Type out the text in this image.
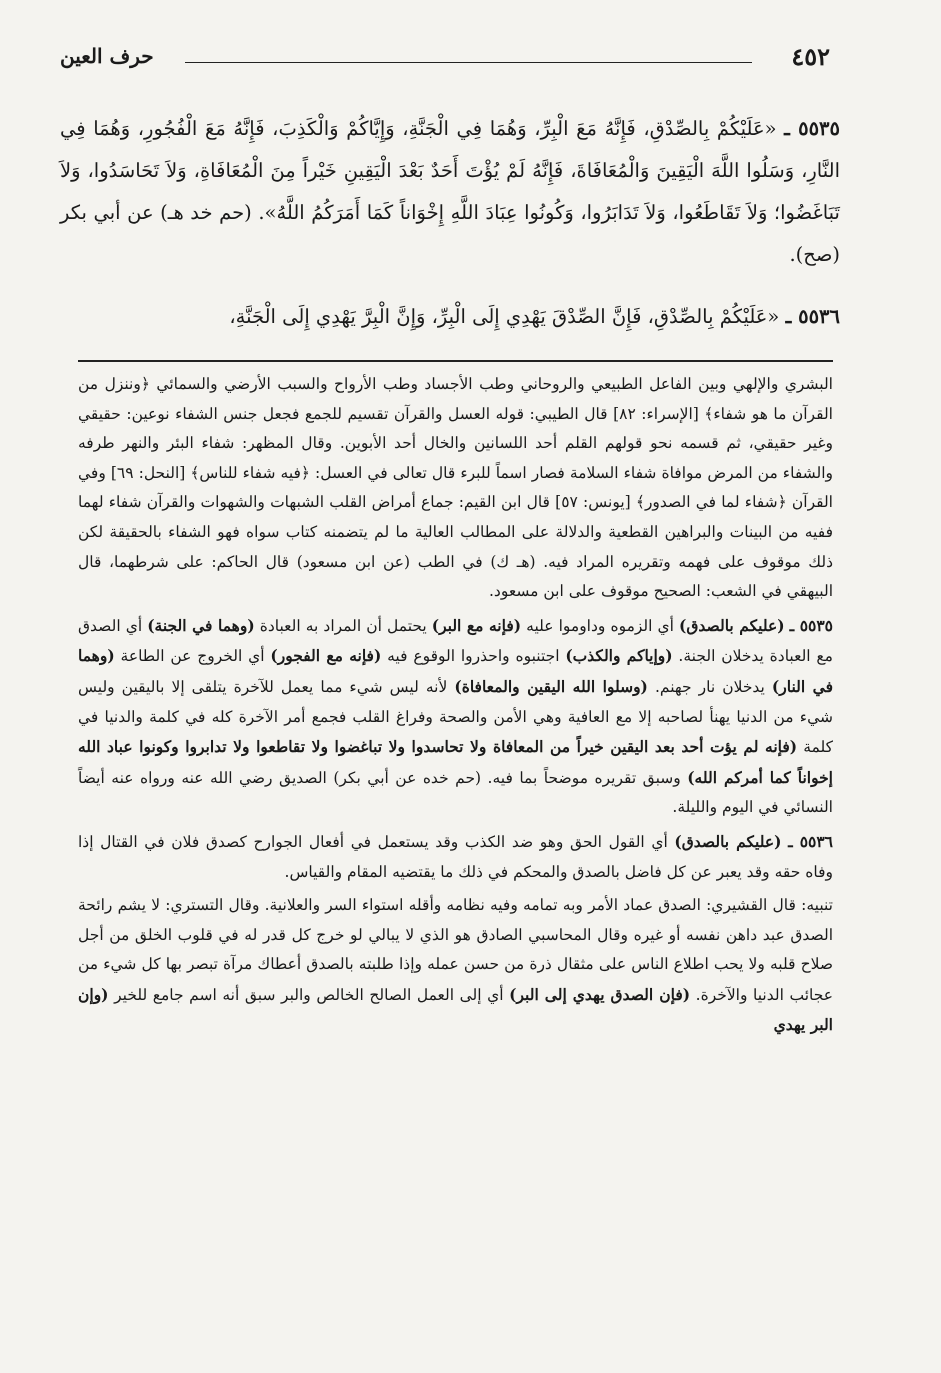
٤٥٢
حرف العين

٥٥٣٥ ـ «عَلَيْكُمْ بِالصِّدْقِ، فَإِنَّهُ مَعَ الْبِرِّ، وَهُمَا فِي الْجَنَّةِ، وَإِيَّاكُمْ وَالْكَذِبَ، فَإِنَّهُ مَعَ الْفُجُورِ، وَهُمَا فِي النَّارِ، وَسَلُوا اللَّهَ الْيَقِينَ وَالْمُعَافَاةَ، فَإِنَّهُ لَمْ يُؤْتَ أَحَدٌ بَعْدَ الْيَقِينِ خَيْراً مِنَ الْمُعَافَاةِ، وَلاَ تَحَاسَدُوا، وَلاَ تَبَاغَضُوا؛ وَلاَ تَقَاطَعُوا، وَلاَ تَدَابَرُوا، وَكُونُوا عِبَادَ اللَّهِ إِخْوَاناً كَمَا أَمَرَكُمُ اللَّهُ». (حم خد هـ) عن أبي بكر (صح).

٥٥٣٦ ـ «عَلَيْكُمْ بِالصِّدْقِ، فَإِنَّ الصِّدْقَ يَهْدِي إِلَى الْبِرِّ، وَإِنَّ الْبِرَّ يَهْدِي إِلَى الْجَنَّةِ،

البشري والإلهي وبين الفاعل الطبيعي والروحاني وطب الأجساد وطب الأرواح والسبب الأرضي والسمائي ﴿وننزل من القرآن ما هو شفاء﴾ [الإسراء: ٨٢] قال الطيبي: قوله العسل والقرآن تقسيم للجمع فجعل جنس الشفاء نوعين: حقيقي وغير حقيقي، ثم قسمه نحو قولهم القلم أحد اللسانين والخال أحد الأبوين. وقال المظهر: شفاء البئر والنهر طرفه والشفاء من المرض موافاة شفاء السلامة فصار اسماً للبرء قال تعالى في العسل: ﴿فيه شفاء للناس﴾ [النحل: ٦٩] وفي القرآن ﴿شفاء لما في الصدور﴾ [يونس: ٥٧] قال ابن القيم: جماع أمراض القلب الشبهات والشهوات والقرآن شفاء لهما ففيه من البينات والبراهين القطعية والدلالة على المطالب العالية ما لم يتضمنه كتاب سواه فهو الشفاء بالحقيقة لكن ذلك موقوف على فهمه وتقريره المراد فيه. (هـ ك) في الطب (عن ابن مسعود) قال الحاكم: على شرطهما، قال البيهقي في الشعب: الصحيح موقوف على ابن مسعود.

٥٥٣٥ ـ (عليكم بالصدق) أي الزموه وداوموا عليه (فإنه مع البر) يحتمل أن المراد به العبادة (وهما في الجنة) أي الصدق مع العبادة يدخلان الجنة. (وإياكم والكذب) اجتنبوه واحذروا الوقوع فيه (فإنه مع الفجور) أي الخروج عن الطاعة (وهما في النار) يدخلان نار جهنم. (وسلوا الله اليقين والمعافاة) لأنه ليس شيء مما يعمل للآخرة يتلقى إلا باليقين وليس شيء من الدنيا يهنأ لصاحبه إلا مع العافية وهي الأمن والصحة وفراغ القلب فجمع أمر الآخرة كله في كلمة والدنيا في كلمة (فإنه لم يؤت أحد بعد اليقين خيراً من المعافاة ولا تحاسدوا ولا تباغضوا ولا تقاطعوا ولا تدابروا وكونوا عباد الله إخواناً كما أمركم الله) وسبق تقريره موضحاً بما فيه. (حم خده عن أبي بكر) الصديق رضي الله عنه ورواه عنه أيضاً النسائي في اليوم والليلة.

٥٥٣٦ ـ (عليكم بالصدق) أي القول الحق وهو ضد الكذب وقد يستعمل في أفعال الجوارح كصدق فلان في القتال إذا وفاه حقه وقد يعبر عن كل فاضل بالصدق والمحكم في ذلك ما يقتضيه المقام والقياس.

تنبيه: قال القشيري: الصدق عماد الأمر وبه تمامه وفيه نظامه وأقله استواء السر والعلانية. وقال التستري: لا يشم رائحة الصدق عبد داهن نفسه أو غيره وقال المحاسبي الصادق هو الذي لا يبالي لو خرج كل قدر له في قلوب الخلق من أجل صلاح قلبه ولا يحب اطلاع الناس على مثقال ذرة من حسن عمله وإذا طلبته بالصدق أعطاك مرآة تبصر بها كل شيء من عجائب الدنيا والآخرة. (فإن الصدق يهدي إلى البر) أي إلى العمل الصالح الخالص والبر سبق أنه اسم جامع للخير (وإن البر يهدي
